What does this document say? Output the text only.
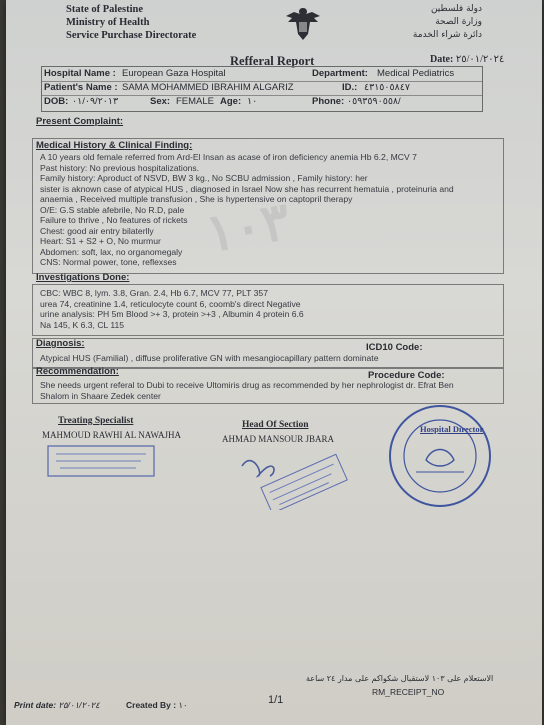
State of Palestine
Ministry of Health
Service Purchase Directorate
دولة فلسطين
وزارة الصحة
دائرة شراء الخدمة
Refferal Report	Date: ٢٥/٠١/٢٠٢٤
Hospital Name : European Gaza Hospital	Department: Medical Pediatrics
Patient's Name : SAMA MOHAMMED IBRAHIM ALGARIZ	ID.: ٤٣١٥٠٥٨٤٧
DOB: ٠١/٠٩/٢٠١٣	Sex: FEMALE Age: ١٠	Phone: ٠٥٩٣٥٩٠٥٥٨/
Present Complaint:
١٠٣
Medical History & Clinical Finding:
A 10 years old female referred from Ard-El Insan as acase of iron deficiency anemia Hb 6.2, MCV 7
Past history: No previous hospitalizations.
Family history: Aproduct of NSVD, BW 3 kg., No SCBU admission , Family history: her
sister is aknown case of atypical HUS , diagnosed in Israel Now she has recurrent hematuia , proteinuria and
anaemia , Received multiple transfusion , She is hypertensive on captopril therapy
O/E: G.S stable afebrile, No R.D, pale
Failure to thrive , No features of rickets
Chest: good air entry bilaterlly
Heart: S1 + S2 + O, No murmur
Abdomen: soft, lax, no organomegaly
CNS: Normal power, tone, reflexses
Investigations Done:
CBC: WBC 8, lym. 3.8, Gran. 2.4, Hb 6.7, MCV 77, PLT 357
urea 74, creatinine 1.4, reticulocyte count 6, coomb's direct Negative
urine analysis: PH 5m Blood >+ 3, protein >+3 , Albumin 4 protein 6.6
Na 145, K 6.3, CL 115
Diagnosis:	ICD10 Code:
Atypical HUS (Familial) , diffuse proliferative GN with mesangiocapillary pattern dominate
Recommendation:	Procedure Code:
She needs urgent referal to Dubi to receive Ultomiris drug as recommended by her nephrologist dr. Efrat Ben
Shalom in Shaare Zedek center
Treating Specialist
MAHMOUD RAWHI AL NAWAJHA
Head Of Section
AHMAD MANSOUR JBARA
Hospital Director
الاستعلام على ١٠٣ لاستقبال شكواكم على مدار ٢٤ ساعة
RM_RECEIPT_NO
Print date: ٢٥/٠١/٢٠٢٤	Created By : ١٠	1/1
